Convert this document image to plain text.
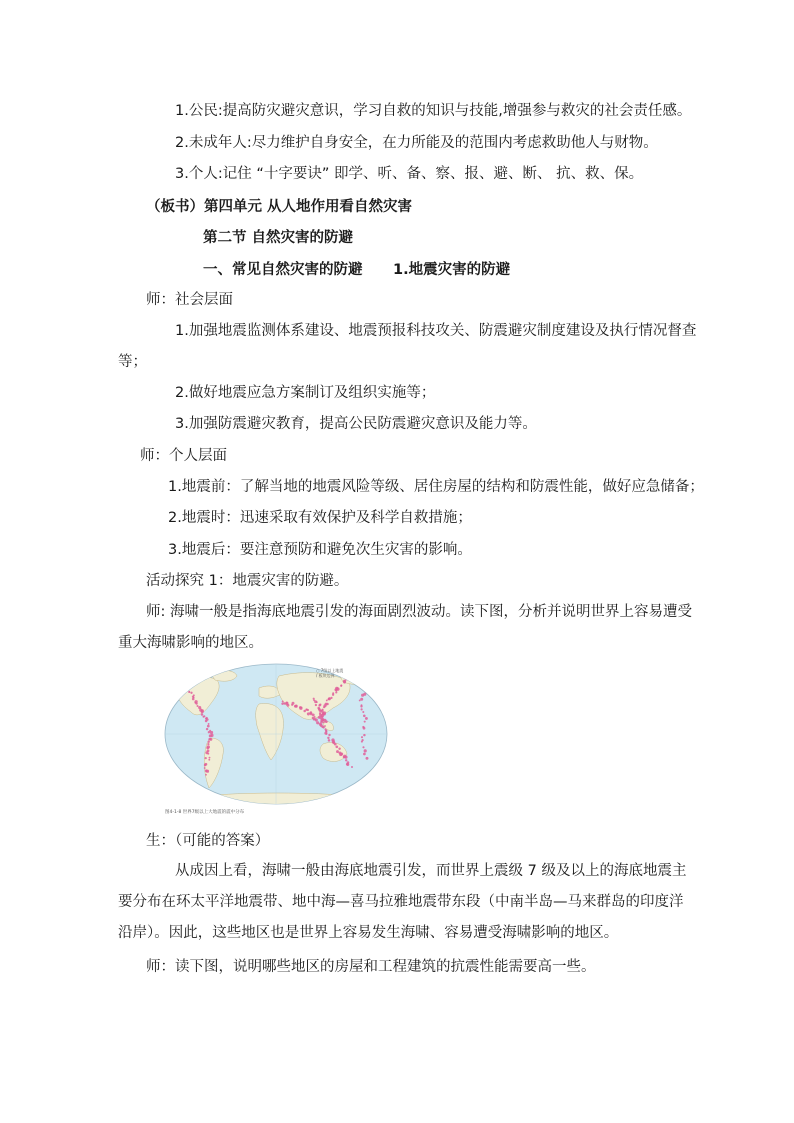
1.公民:提高防灾避灾意识，学习自救的知识与技能,增强参与救灾的社会责任感。
2.未成年人:尽力维护自身安全，在力所能及的范围内考虑救助他人与财物。
3.个人:记住 “十字要诀” 即学、听、备、察、报、避、断、 抗、救、保。
（板书）第四单元 从人地作用看自然灾害
第二节 自然灾害的防避
一、常见自然灾害的防避 1.地震灾害的防避
师：社会层面
1.加强地震监测体系建设、地震预报科技攻关、防震避灾制度建设及执行情况督查
等；
2.做好地震应急方案制订及组织实施等；
3.加强防震避灾教育，提高公民防震避灾意识及能力等。
师：个人层面
1.地震前：了解当地的地震风险等级、居住房屋的结构和防震性能，做好应急储备；
2.地震时：迅速采取有效保护及科学自救措施；
3.地震后：要注意预防和避免次生灾害的影响。
活动探究 1：地震灾害的防避。
师: 海啸一般是指海底地震引发的海面剧烈波动。读下图，分析并说明世界上容易遭受
重大海啸影响的地区。
○ 7级以上地震
/ 板块边界
图4-1-8 世界7级以上大地震的震中分布
生：（可能的答案）
从成因上看，海啸一般由海底地震引发，而世界上震级 7 级及以上的海底地震主
要分布在环太平洋地震带、地中海—喜马拉雅地震带东段（中南半岛—马来群岛的印度洋
沿岸）。因此，这些地区也是世界上容易发生海啸、容易遭受海啸影响的地区。
师：读下图，说明哪些地区的房屋和工程建筑的抗震性能需要高一些。
